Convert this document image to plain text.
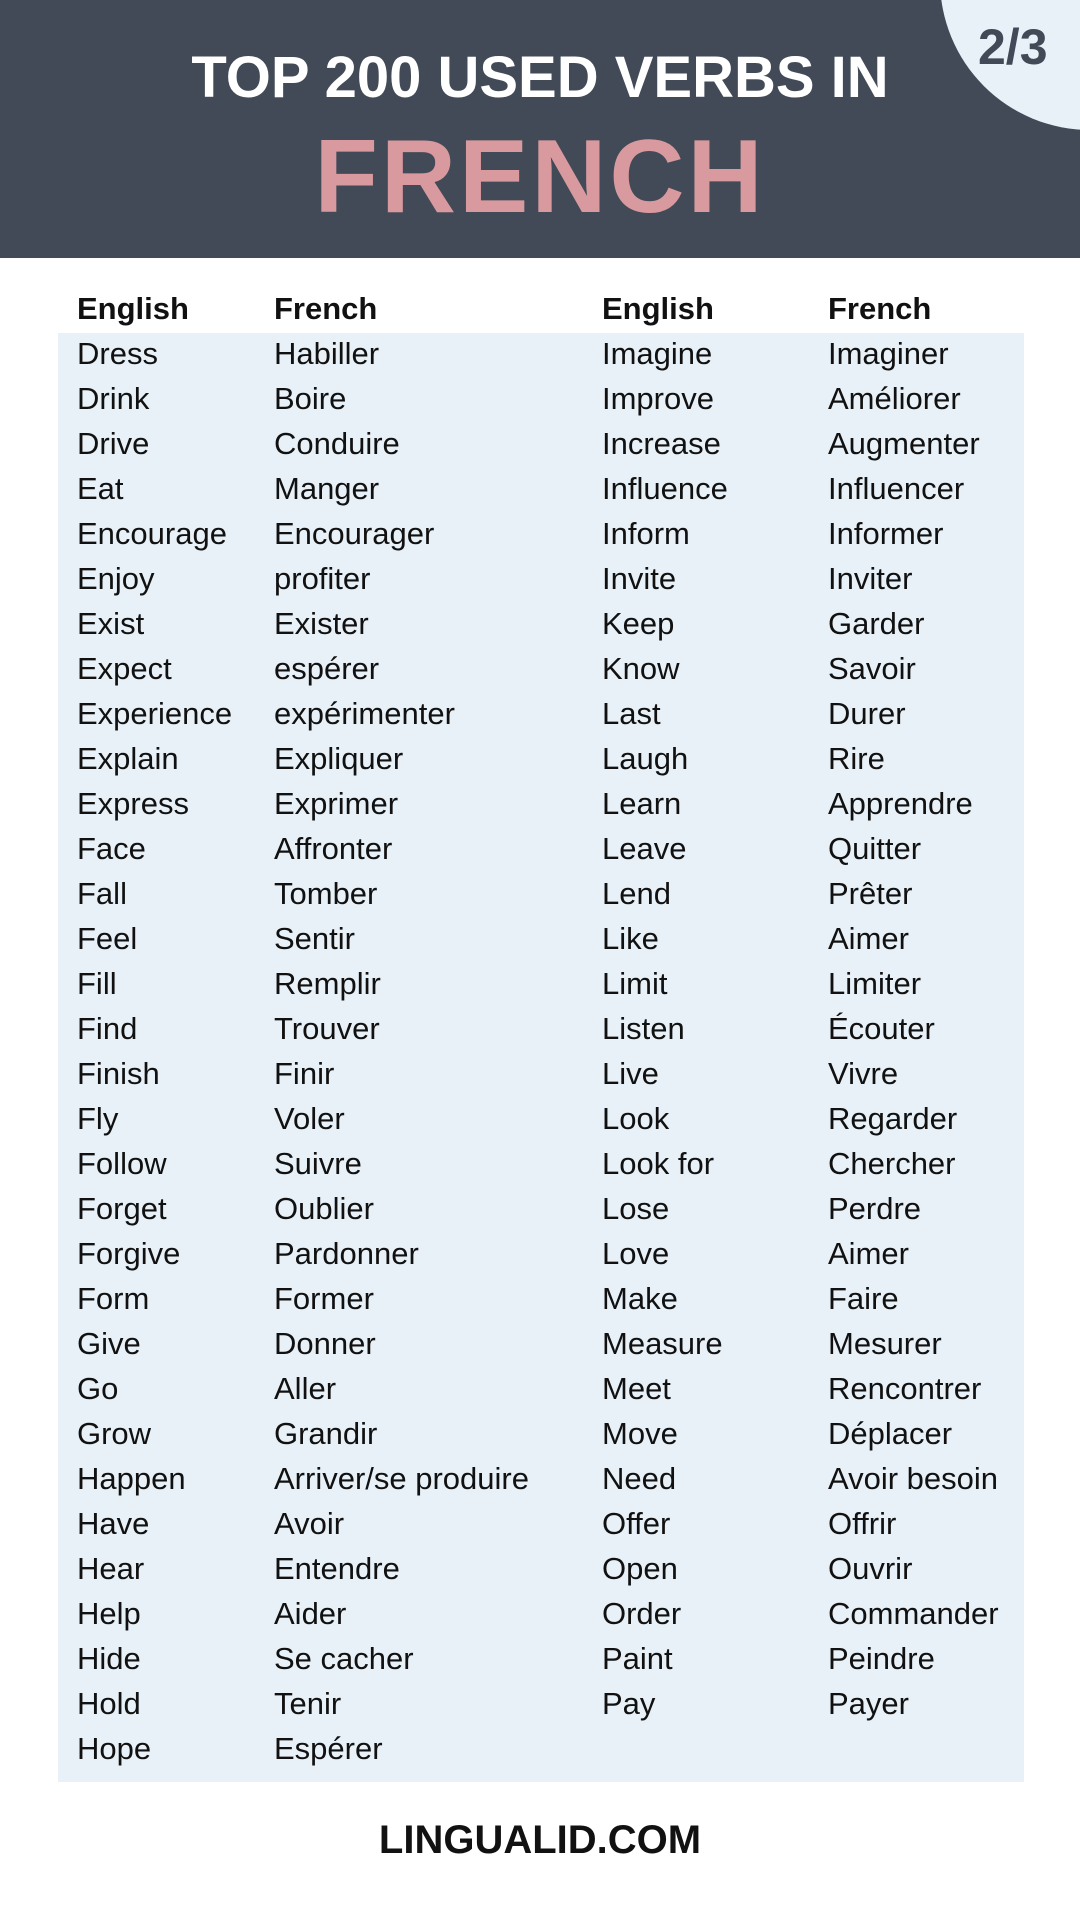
2/3
TOP 200 USED VERBS IN
FRENCH
English
Dress
Drink
Drive
Eat
Encourage
Enjoy
Exist
Expect
Experience
Explain
Express
Face
Fall
Feel
Fill
Find
Finish
Fly
Follow
Forget
Forgive
Form
Give
Go
Grow
Happen
Have
Hear
Help
Hide
Hold
Hope
French
Habiller
Boire
Conduire
Manger
Encourager
profiter
Exister
espérer
expérimenter
Expliquer
Exprimer
Affronter
Tomber
Sentir
Remplir
Trouver
Finir
Voler
Suivre
Oublier
Pardonner
Former
Donner
Aller
Grandir
Arriver/se produire
Avoir
Entendre
Aider
Se cacher
Tenir
Espérer
English
Imagine
Improve
Increase
Influence
Inform
Invite
Keep
Know
Last
Laugh
Learn
Leave
Lend
Like
Limit
Listen
Live
Look
Look for
Lose
Love
Make
Measure
Meet
Move
Need
Offer
Open
Order
Paint
Pay
French
Imaginer
Améliorer
Augmenter
Influencer
Informer
Inviter
Garder
Savoir
Durer
Rire
Apprendre
Quitter
Prêter
Aimer
Limiter
Écouter
Vivre
Regarder
Chercher
Perdre
Aimer
Faire
Mesurer
Rencontrer
Déplacer
Avoir besoin
Offrir
Ouvrir
Commander
Peindre
Payer
LINGUALID.COM
